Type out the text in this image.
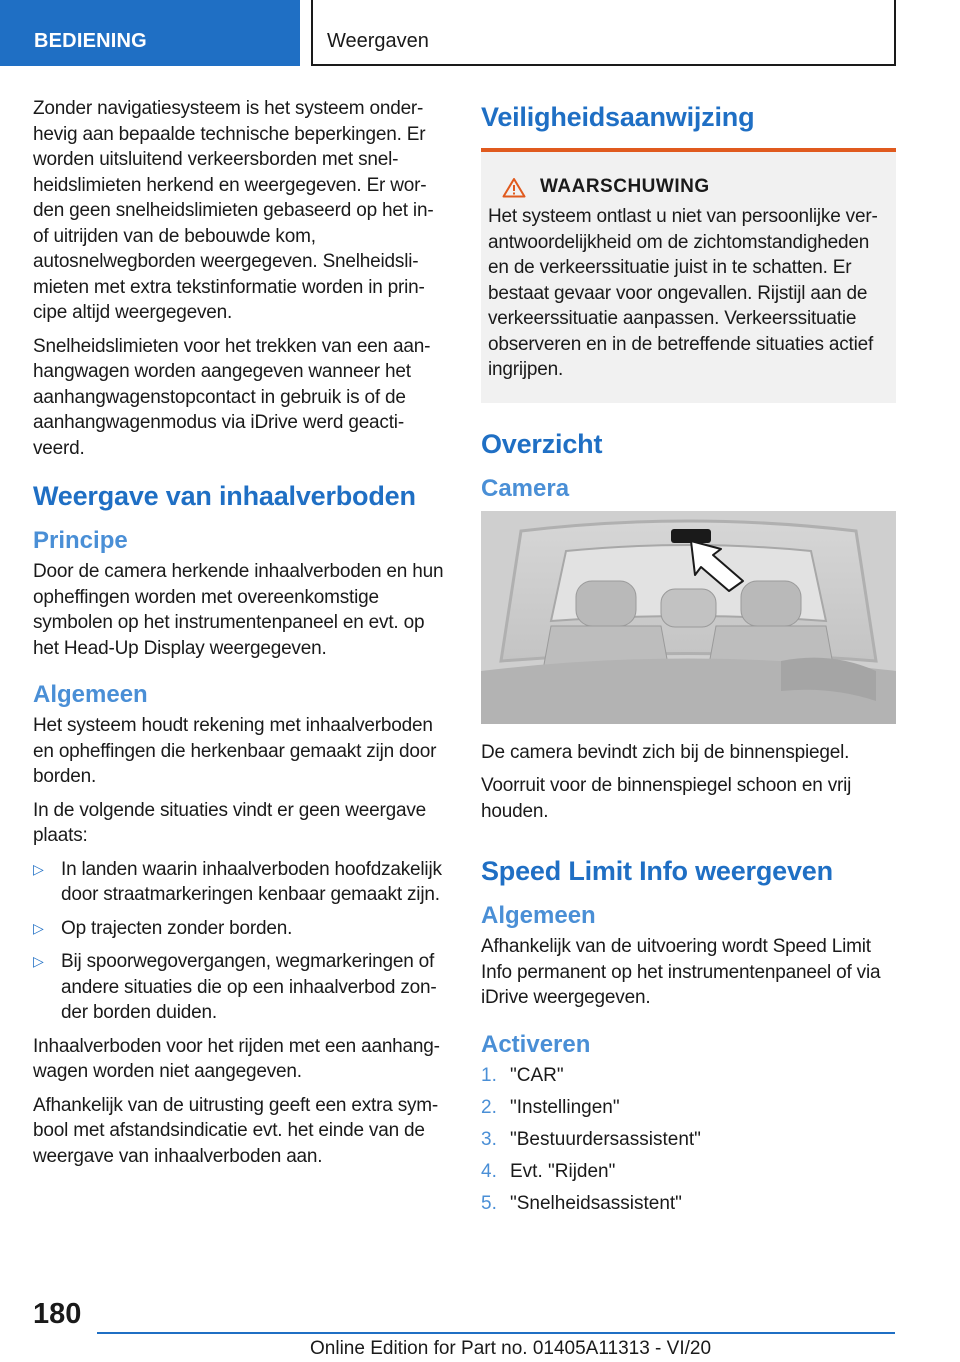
BEDIENING	Weergaven

Zonder navigatiesysteem is het systeem onder-hevig aan bepaalde technische beperkingen. Er worden uitsluitend verkeersborden met snel-heidslimieten herkend en weergegeven. Er wor-den geen snelheidslimieten gebaseerd op het in- of uitrijden van de bebouwde kom, autosnelwegborden weergegeven. Snelheidsli-mieten met extra tekstinformatie worden in prin-cipe altijd weergegeven.

Snelheidslimieten voor het trekken van een aan-hangwagen worden aangegeven wanneer het aanhangwagenstopcontact in gebruik is of de aanhangwagenmodus via iDrive werd geacti-veerd.

Weergave van inhaalverboden
Principe

Door de camera herkende inhaalverboden en hun opheffingen worden met overeenkomstige symbolen op het instrumentenpaneel en evt. op het Head-Up Display weergegeven.

Algemeen

Het systeem houdt rekening met inhaalverboden en opheffingen die herkenbaar gemaakt zijn door borden.

In de volgende situaties vindt er geen weergave plaats:

▷ In landen waarin inhaalverboden hoofdzakelijk door straatmarkeringen kenbaar gemaakt zijn.
▷ Op trajecten zonder borden.
▷ Bij spoorwegovergangen, wegmarkeringen of andere situaties die op een inhaalverbod zon-der borden duiden.

Inhaalverboden voor het rijden met een aanhang-wagen worden niet aangegeven.

Afhankelijk van de uitrusting geeft een extra sym-bool met afstandsindicatie evt. het einde van de weergave van inhaalverboden aan.

Veiligheidsaanwijzing
WAARSCHUWING

Het systeem ontlast u niet van persoonlijke ver-antwoordelijkheid om de zichtomstandigheden en de verkeerssituatie juist in te schatten. Er bestaat gevaar voor ongevallen. Rijstijl aan de verkeerssituatie aanpassen. Verkeerssituatie observeren en in de betreffende situaties actief ingrijpen.

Overzicht
Camera

De camera bevindt zich bij de binnenspiegel.

Voorruit voor de binnenspiegel schoon en vrij houden.

Speed Limit Info weergeven
Algemeen

Afhankelijk van de uitvoering wordt Speed Limit Info permanent op het instrumentenpaneel of via iDrive weergegeven.

Activeren
1. "CAR"
2. "Instellingen"
3. "Bestuurdersassistent"
4. Evt. "Rijden"
5. "Snelheidsassistent"
180
Online Edition for Part no. 01405A11313 - VI/20
